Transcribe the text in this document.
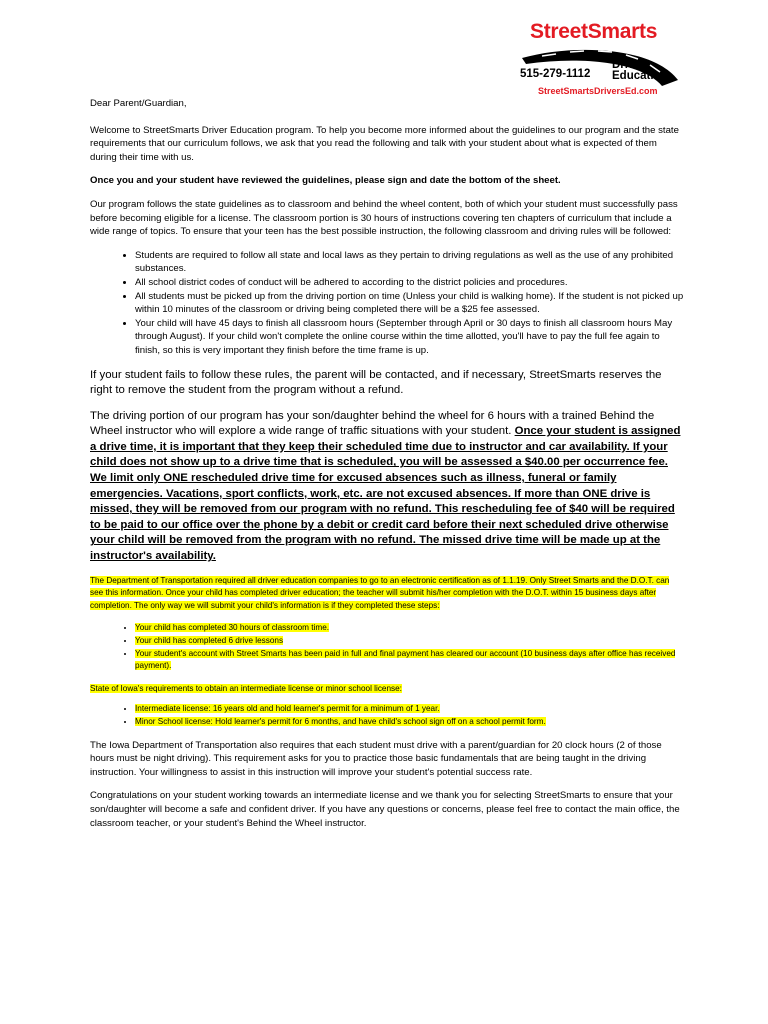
StreetSmarts
515-279-1112
Driver
Education
StreetSmartsDriversEd.com

Dear Parent/Guardian,

Welcome to StreetSmarts Driver Education program. To help you become more informed about the guidelines to our program and the state requirements that our curriculum follows, we ask that you read the following and talk with your student about what is expected of them during their time with us.

Once you and your student have reviewed the guidelines, please sign and date the bottom of the sheet.

Our program follows the state guidelines as to classroom and behind the wheel content, both of which your student must successfully pass before becoming eligible for a license. The classroom portion is 30 hours of instructions covering ten chapters of curriculum that include a wide range of topics. To ensure that your teen has the best possible instruction, the following classroom and driving rules will be followed:

• Students are required to follow all state and local laws as they pertain to driving regulations as well as the use of any prohibited substances.
• All school district codes of conduct will be adhered to according to the district policies and procedures.
• All students must be picked up from the driving portion on time (Unless your child is walking home). If the student is not picked up within 10 minutes of the classroom or driving being completed there will be a $25 fee assessed.
• Your child will have 45 days to finish all classroom hours (September through April or 30 days to finish all classroom hours May through August). If your child won't complete the online course within the time allotted, you'll have to pay the full fee again to finish, so this is very important they finish before the time frame is up.

If your student fails to follow these rules, the parent will be contacted, and if necessary, StreetSmarts reserves the right to remove the student from the program without a refund.

The driving portion of our program has your son/daughter behind the wheel for 6 hours with a trained Behind the Wheel instructor who will explore a wide range of traffic situations with your student. Once your student is assigned a drive time, it is important that they keep their scheduled time due to instructor and car availability. If your child does not show up to a drive time that is scheduled, you will be assessed a $40.00 per occurrence fee. We limit only ONE rescheduled drive time for excused absences such as illness, funeral or family emergencies. Vacations, sport conflicts, work, etc. are not excused absences. If more than ONE drive is missed, they will be removed from our program with no refund. This rescheduling fee of $40 will be required to be paid to our office over the phone by a debit or credit card before their next scheduled drive otherwise your child will be removed from the program with no refund. The missed drive time will be made up at the instructor's availability.

The Department of Transportation required all driver education companies to go to an electronic certification as of 1.1.19. Only Street Smarts and the D.O.T. can see this information. Once your child has completed driver education; the teacher will submit his/her completion with the D.O.T. within 15 business days after completion. The only way we will submit your child's information is if they completed these steps:

• Your child has completed 30 hours of classroom time.
• Your child has completed 6 drive lessons
• Your student's account with Street Smarts has been paid in full and final payment has cleared our account (10 business days after office has received payment).

State of Iowa's requirements to obtain an intermediate license or minor school license:

• Intermediate license: 16 years old and hold learner's permit for a minimum of 1 year.
• Minor School license: Hold learner's permit for 6 months, and have child's school sign off on a school permit form.

The Iowa Department of Transportation also requires that each student must drive with a parent/guardian for 20 clock hours (2 of those hours must be night driving). This requirement asks for you to practice those basic fundamentals that are being taught in the driving instruction. Your willingness to assist in this instruction will improve your student's potential success rate.

Congratulations on your student working towards an intermediate license and we thank you for selecting StreetSmarts to ensure that your son/daughter will become a safe and confident driver. If you have any questions or concerns, please feel free to contact the main office, the classroom teacher, or your student's Behind the Wheel instructor.
